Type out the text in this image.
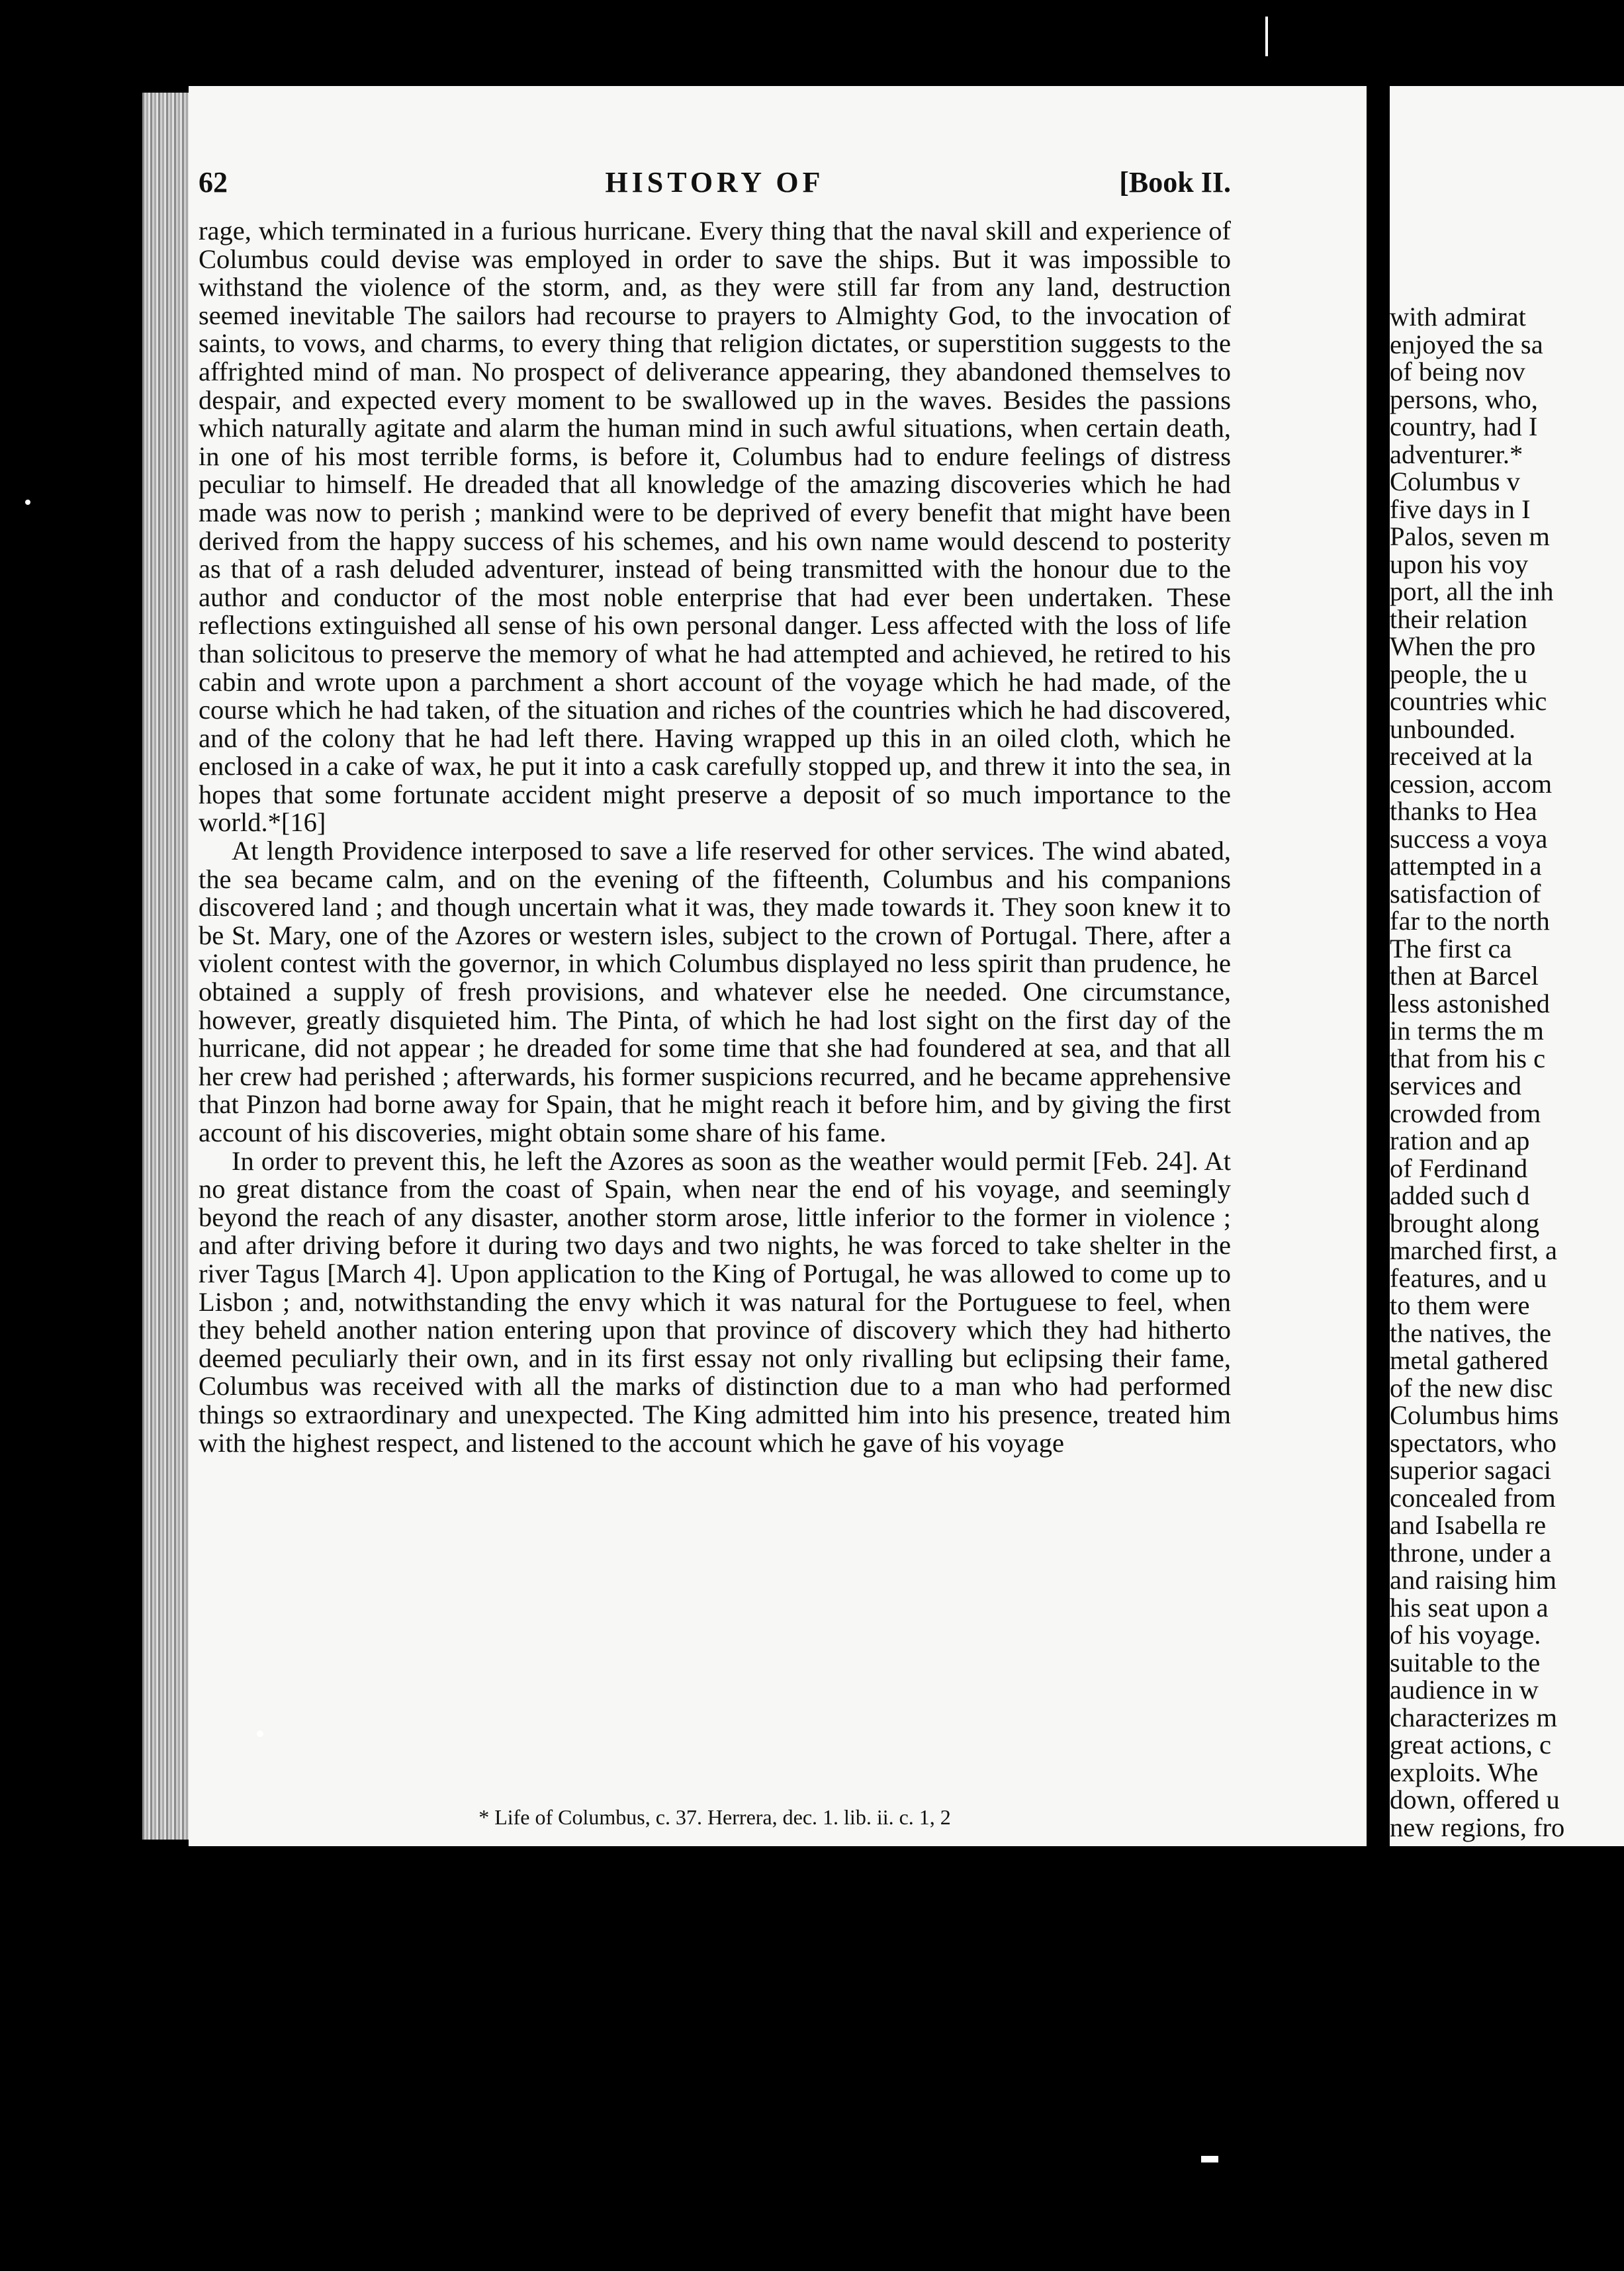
HISTORY OF
62	[Book II.

rage, which terminated in a furious hurricane. Every thing that the naval skill and experience of Columbus could devise was employed in order to save the ships. But it was impossible to withstand the violence of the storm, and, as they were still far from any land, destruction seemed inevitable The sailors had recourse to prayers to Almighty God, to the invocation of saints, to vows, and charms, to every thing that religion dictates, or superstition suggests to the affrighted mind of man. No prospect of deliverance appearing, they abandoned themselves to despair, and expected every moment to be swallowed up in the waves. Besides the passions which naturally agitate and alarm the human mind in such awful situations, when certain death, in one of his most terrible forms, is before it, Columbus had to endure feelings of distress peculiar to himself. He dreaded that all knowledge of the amazing discoveries which he had made was now to perish ; mankind were to be deprived of every benefit that might have been derived from the happy success of his schemes, and his own name would descend to posterity as that of a rash deluded adventurer, instead of being transmitted with the honour due to the author and conductor of the most noble enterprise that had ever been undertaken. These reflections extinguished all sense of his own personal danger. Less affected with the loss of life than solicitous to preserve the memory of what he had attempted and achieved, he retired to his cabin and wrote upon a parchment a short account of the voyage which he had made, of the course which he had taken, of the situation and riches of the countries which he had discovered, and of the colony that he had left there. Having wrapped up this in an oiled cloth, which he enclosed in a cake of wax, he put it into a cask carefully stopped up, and threw it into the sea, in hopes that some fortunate accident might preserve a deposit of so much importance to the world.*[16]

At length Providence interposed to save a life reserved for other services. The wind abated, the sea became calm, and on the evening of the fifteenth, Columbus and his companions discovered land ; and though uncertain what it was, they made towards it. They soon knew it to be St. Mary, one of the Azores or western isles, subject to the crown of Portugal. There, after a violent contest with the governor, in which Columbus displayed no less spirit than prudence, he obtained a supply of fresh provisions, and whatever else he needed. One circumstance, however, greatly disquieted him. The Pinta, of which he had lost sight on the first day of the hurricane, did not appear ; he dreaded for some time that she had foundered at sea, and that all her crew had perished ; afterwards, his former suspicions recurred, and he became apprehensive that Pinzon had borne away for Spain, that he might reach it before him, and by giving the first account of his discoveries, might obtain some share of his fame.

In order to prevent this, he left the Azores as soon as the weather would permit [Feb. 24]. At no great distance from the coast of Spain, when near the end of his voyage, and seemingly beyond the reach of any disaster, another storm arose, little inferior to the former in violence ; and after driving before it during two days and two nights, he was forced to take shelter in the river Tagus [March 4]. Upon application to the King of Portugal, he was allowed to come up to Lisbon ; and, notwithstanding the envy which it was natural for the Portuguese to feel, when they beheld another nation entering upon that province of discovery which they had hitherto deemed peculiarly their own, and in its first essay not only rivalling but eclipsing their fame, Columbus was received with all the marks of distinction due to a man who had performed things so extraordinary and unexpected. The King admitted him into his presence, treated him with the highest respect, and listened to the account which he gave of his voyage

* Life of Columbus, c. 37. Herrera, dec. 1. lib. ii. c. 1, 2
with admirat
enjoyed the sa
of being nov
persons, who,
country, had I
adventurer.*
Columbus v
five days in I
Palos, seven m
upon his voy
port, all the inh
their relation
When the pro
people, the u
countries whic
unbounded.
received at la
cession, accom
thanks to Hea
success a voya
attempted in a
satisfaction of
far to the north
The first ca
then at Barcel
less astonished
in terms the m
that from his c
services and
crowded from
ration and ap
of Ferdinand
added such d
brought along
marched first, a
features, and u
to them were
the natives, the
metal gathered
of the new disc
Columbus hims
spectators, who
superior sagaci
concealed from
and Isabella re
throne, under a
and raising him
his seat upon a
of his voyage.
suitable to the
audience in w
characterizes m
great actions, c
exploits. Whe
down, offered u
new regions, fro
